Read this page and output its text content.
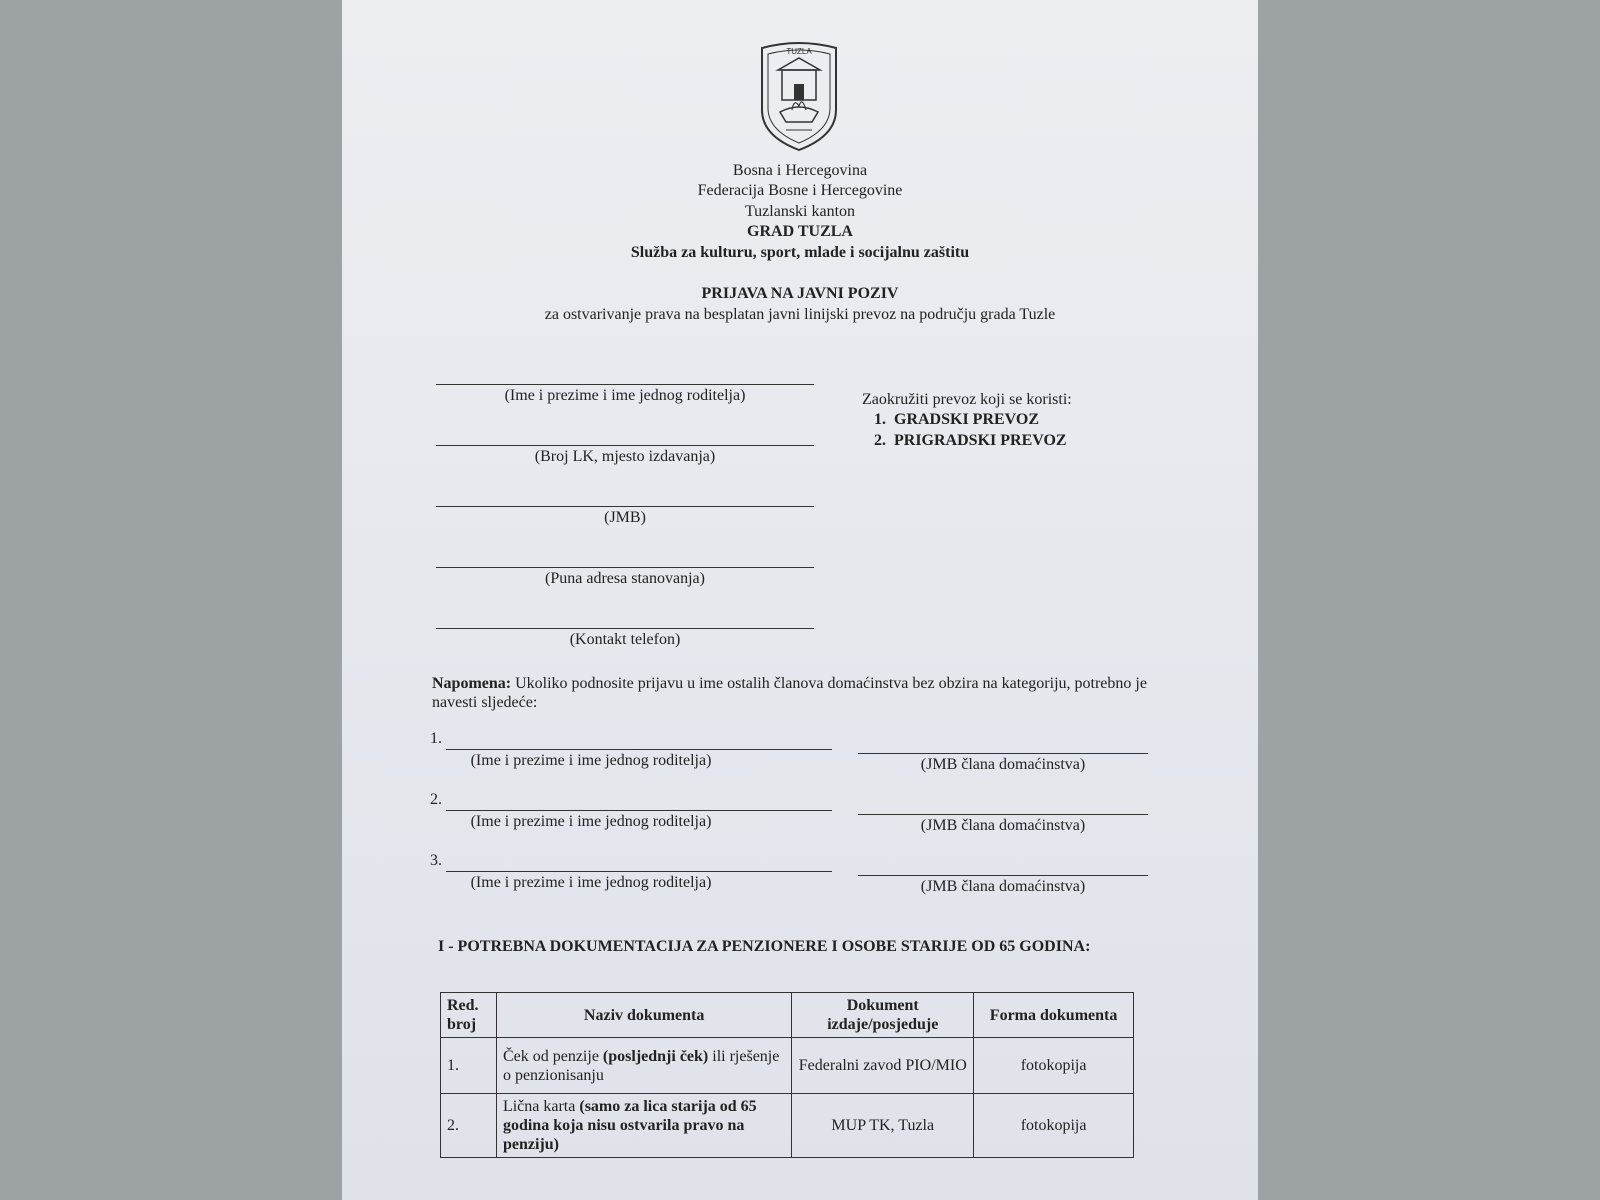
TUZLA
Bosna i Hercegovina
Federacija Bosne i Hercegovine
Tuzlanski kanton
GRAD TUZLA
Služba za kulturu, sport, mlade i socijalnu zaštitu
PRIJAVA NA JAVNI POZIV
za ostvarivanje prava na besplatan javni linijski prevoz na području grada Tuzle
(Ime i prezime i ime jednog roditelja)
(Broj LK, mjesto izdavanja)
(JMB)
(Puna adresa stanovanja)
(Kontakt telefon)
Zaokružiti prevoz koji se koristi:
1.  GRADSKI PREVOZ
2.  PRIGRADSKI PREVOZ
Napomena: Ukoliko podnosite prijavu u ime ostalih članova domaćinstva bez obzira na kategoriju, potrebno je navesti sljedeće:
1.
(Ime i prezime i ime jednog roditelja)	(JMB člana domaćinstva)
2.
(Ime i prezime i ime jednog roditelja)	(JMB člana domaćinstva)
3.
(Ime i prezime i ime jednog roditelja)	(JMB člana domaćinstva)
I - POTREBNA DOKUMENTACIJA ZA PENZIONERE I OSOBE STARIJE OD 65 GODINA:
Red. broj	Naziv dokumenta	Dokument izdaje/posjeduje	Forma dokumenta
1.	Ček od penzije (posljednji ček) ili rješenje o penzionisanju	Federalni zavod PIO/MIO	fotokopija
2.	Lična karta (samo za lica starija od 65 godina koja nisu ostvarila pravo na penziju)	MUP TK, Tuzla	fotokopija
